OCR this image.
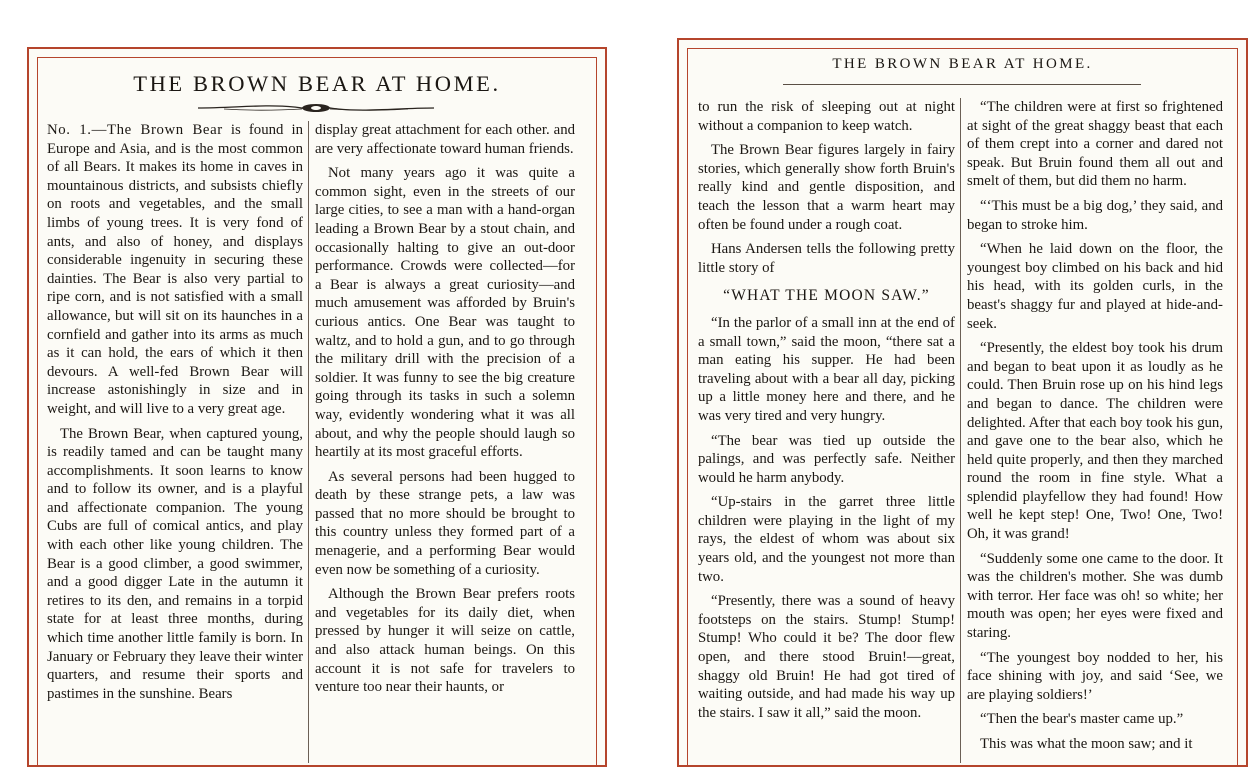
THE BROWN BEAR AT HOME.

No. 1.—The Brown Bear is found in Europe and Asia, and is the most common of all Bears. It makes its home in caves in mountainous districts, and subsists chiefly on roots and vegetables, and the small limbs of young trees. It is very fond of ants, and also of honey, and displays considerable ingenuity in securing these dainties. The Bear is also very partial to ripe corn, and is not satisfied with a small allowance, but will sit on its haunches in a cornfield and gather into its arms as much as it can hold, the ears of which it then devours. A well-fed Brown Bear will increase astonishingly in size and in weight, and will live to a very great age.

The Brown Bear, when captured young, is readily tamed and can be taught many accomplishments. It soon learns to know and to follow its owner, and is a playful and affectionate companion. The young Cubs are full of comical antics, and play with each other like young children. The Bear is a good climber, a good swimmer, and a good digger Late in the autumn it retires to its den, and remains in a torpid state for at least three months, during which time another little family is born. In January or February they leave their winter quarters, and resume their sports and pastimes in the sunshine. Bears

display great attachment for each other. and are very affectionate toward human friends.

Not many years ago it was quite a common sight, even in the streets of our large cities, to see a man with a hand-organ leading a Brown Bear by a stout chain, and occasionally halting to give an out-door performance. Crowds were collected—for a Bear is always a great curiosity—and much amusement was afforded by Bruin's curious antics. One Bear was taught to waltz, and to hold a gun, and to go through the military drill with the precision of a soldier. It was funny to see the big creature going through its tasks in such a solemn way, evidently wondering what it was all about, and why the people should laugh so heartily at its most graceful efforts.

As several persons had been hugged to death by these strange pets, a law was passed that no more should be brought to this country unless they formed part of a menagerie, and a performing Bear would even now be something of a curiosity.

Although the Brown Bear prefers roots and vegetables for its daily diet, when pressed by hunger it will seize on cattle, and also attack human beings. On this account it is not safe for travelers to venture too near their haunts, or

THE BROWN BEAR AT HOME.

to run the risk of sleeping out at night without a companion to keep watch.

The Brown Bear figures largely in fairy stories, which generally show forth Bruin's really kind and gentle disposition, and teach the lesson that a warm heart may often be found under a rough coat.

Hans Andersen tells the following pretty little story of

“WHAT THE MOON SAW.”

“In the parlor of a small inn at the end of a small town,” said the moon, “there sat a man eating his supper. He had been traveling about with a bear all day, picking up a little money here and there, and he was very tired and very hungry.

“The bear was tied up outside the palings, and was perfectly safe. Neither would he harm anybody.

“Up-stairs in the garret three little children were playing in the light of my rays, the eldest of whom was about six years old, and the youngest not more than two.

“Presently, there was a sound of heavy footsteps on the stairs. Stump! Stump! Stump! Who could it be? The door flew open, and there stood Bruin!—great, shaggy old Bruin! He had got tired of waiting outside, and had made his way up the stairs. I saw it all,” said the moon.

“The children were at first so frightened at sight of the great shaggy beast that each of them crept into a corner and dared not speak. But Bruin found them all out and smelt of them, but did them no harm.

“‘This must be a big dog,’ they said, and began to stroke him.

“When he laid down on the floor, the youngest boy climbed on his back and hid his head, with its golden curls, in the beast's shaggy fur and played at hide-and-seek.

“Presently, the eldest boy took his drum and began to beat upon it as loudly as he could. Then Bruin rose up on his hind legs and began to dance. The children were delighted. After that each boy took his gun, and gave one to the bear also, which he held quite properly, and then they marched round the room in fine style. What a splendid playfellow they had found! How well he kept step! One, Two! One, Two! Oh, it was grand!

“Suddenly some one came to the door. It was the children's mother. She was dumb with terror. Her face was oh! so white; her mouth was open; her eyes were fixed and staring.

“The youngest boy nodded to her, his face shining with joy, and said ‘See, we are playing soldiers!’

“Then the bear's master came up.”

This was what the moon saw; and it
